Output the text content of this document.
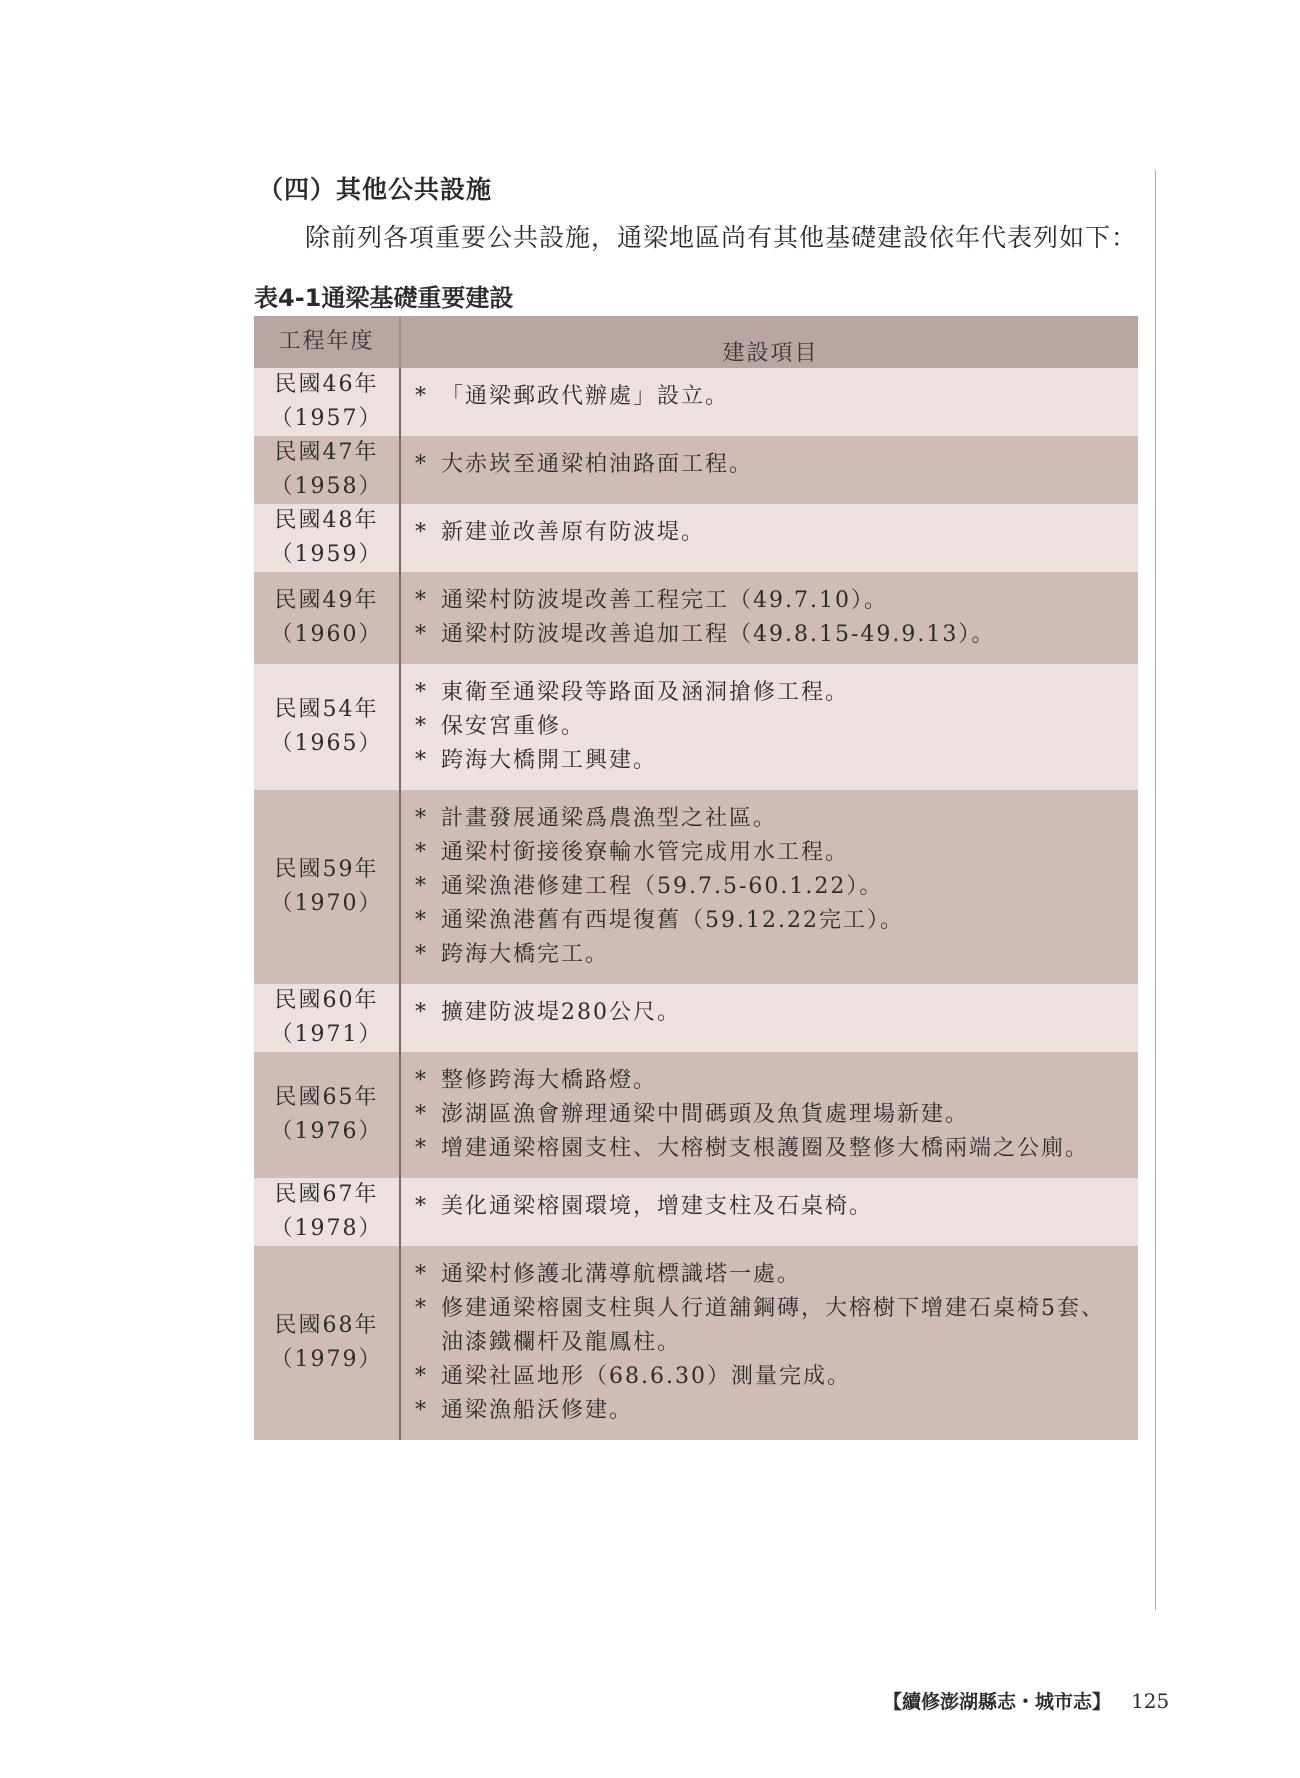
（四）其他公共設施
除前列各項重要公共設施，通梁地區尚有其他基礎建設依年代表列如下：
表4-1通梁基礎重要建設
工程年度	建設項目
民國46年
（1957）
* 「通梁郵政代辦處」設立。
民國47年
（1958）
* 大赤崁至通梁柏油路面工程。
民國48年
（1959）
* 新建並改善原有防波堤。
民國49年
（1960）
* 通梁村防波堤改善工程完工（49.7.10）。
* 通梁村防波堤改善追加工程（49.8.15-49.9.13）。
民國54年
（1965）
* 東衛至通梁段等路面及涵洞搶修工程。
* 保安宮重修。
* 跨海大橋開工興建。
民國59年
（1970）
* 計畫發展通梁爲農漁型之社區。
* 通梁村銜接後寮輸水管完成用水工程。
* 通梁漁港修建工程（59.7.5-60.1.22）。
* 通梁漁港舊有西堤復舊（59.12.22完工）。
* 跨海大橋完工。
民國60年
（1971）
* 擴建防波堤280公尺。
民國65年
（1976）
* 整修跨海大橋路燈。
* 澎湖區漁會辦理通梁中間碼頭及魚貨處理場新建。
* 增建通梁榕園支柱、大榕樹支根護圈及整修大橋兩端之公廁。
民國67年
（1978）
* 美化通梁榕園環境，增建支柱及石桌椅。
民國68年
（1979）
* 通梁村修護北溝導航標識塔一處。
* 修建通梁榕園支柱與人行道舖鋼磚，大榕樹下增建石桌椅5套、油漆鐵欄杆及龍鳳柱。
* 通梁社區地形（68.6.30）測量完成。
* 通梁漁船沃修建。
【續修澎湖縣志・城市志】 125
